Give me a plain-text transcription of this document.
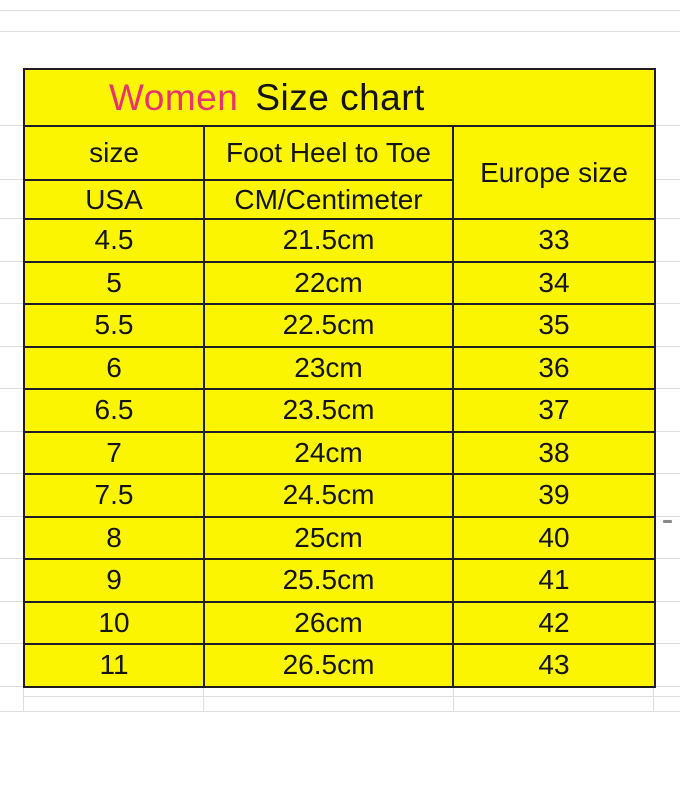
Women Size chart		
size	Foot Heel to Toe	Europe size
USA	CM/Centimeter	
4.5	21.5cm	33
5	22cm	34
5.5	22.5cm	35
6	23cm	36
6.5	23.5cm	37
7	24cm	38
7.5	24.5cm	39
8	25cm	40
9	25.5cm	41
10	26cm	42
11	26.5cm	43
